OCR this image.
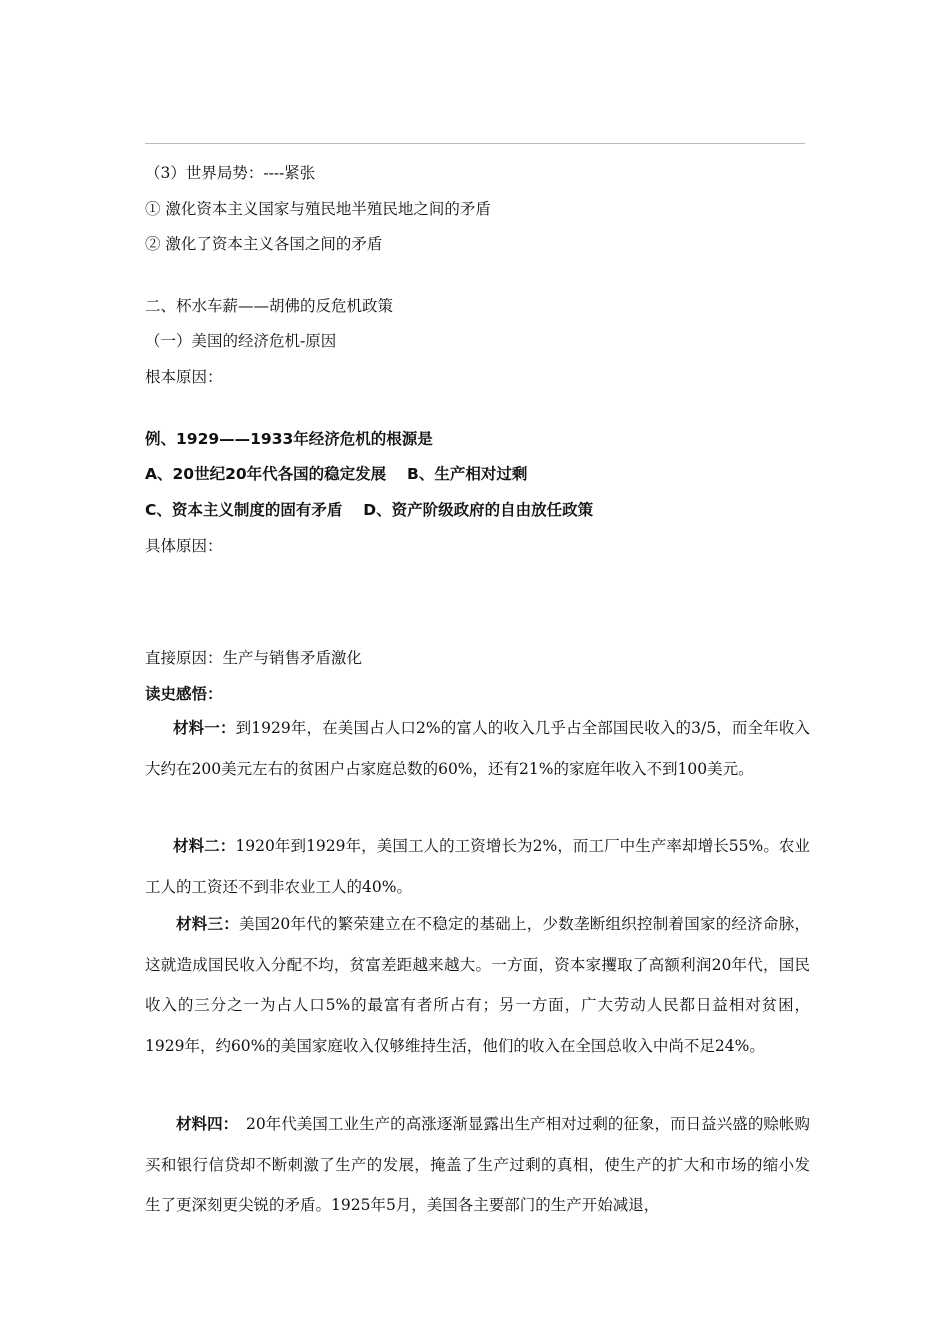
（3）世界局势：----紧张
① 激化资本主义国家与殖民地半殖民地之间的矛盾
② 激化了资本主义各国之间的矛盾
二、杯水车薪——胡佛的反危机政策
（一）美国的经济危机-原因
根本原因：
例、1929——1933年经济危机的根源是
A、20世纪20年代各国的稳定发展　 B、生产相对过剩
C、资本主义制度的固有矛盾　 D、资产阶级政府的自由放任政策
具体原因：
直接原因：生产与销售矛盾激化
读史感悟：
材料一：到1929年，在美国占人口2%的富人的收入几乎占全部国民收入的3/5，而全年收入大约在200美元左右的贫困户占家庭总数的60%，还有21%的家庭年收入不到100美元。
材料二：1920年到1929年，美国工人的工资增长为2%，而工厂中生产率却增长55%。农业工人的工资还不到非农业工人的40%。
材料三：美国20年代的繁荣建立在不稳定的基础上，少数垄断组织控制着国家的经济命脉，这就造成国民收入分配不均，贫富差距越来越大。一方面，资本家攫取了高额利润20年代，国民收入的三分之一为占人口5%的最富有者所占有；另一方面，广大劳动人民都日益相对贫困，1929年，约60%的美国家庭收入仅够维持生活，他们的收入在全国总收入中尚不足24%。
材料四：　20年代美国工业生产的高涨逐渐显露出生产相对过剩的征象，而日益兴盛的赊帐购买和银行信贷却不断刺激了生产的发展，掩盖了生产过剩的真相，使生产的扩大和市场的缩小发生了更深刻更尖锐的矛盾。1925年5月，美国各主要部门的生产开始减退，
